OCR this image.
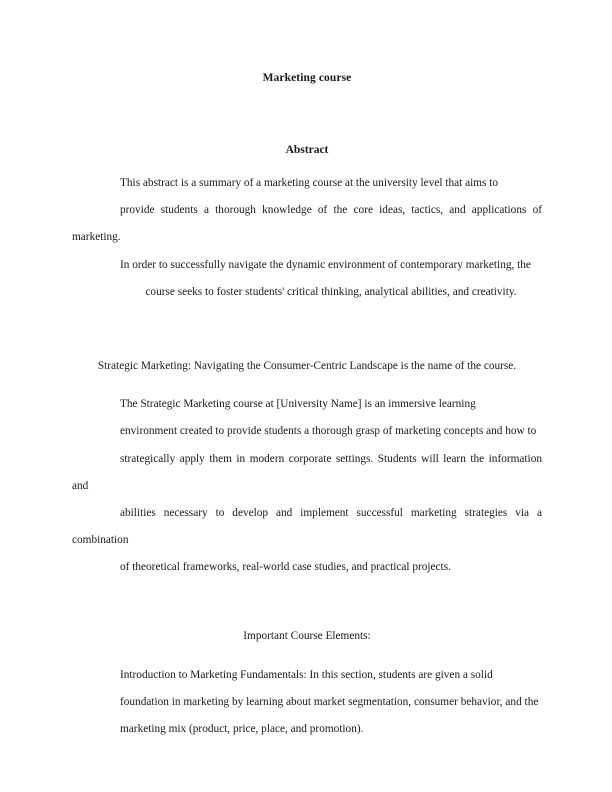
Marketing course
Abstract

This abstract is a summary of a marketing course at the university level that aims to
provide students a thorough knowledge of the core ideas, tactics, and applications of marketing.
In order to successfully navigate the dynamic environment of contemporary marketing, the
course seeks to foster students' critical thinking, analytical abilities, and creativity.

Strategic Marketing: Navigating the Consumer-Centric Landscape is the name of the course.

The Strategic Marketing course at [University Name] is an immersive learning
environment created to provide students a thorough grasp of marketing concepts and how to
strategically apply them in modern corporate settings. Students will learn the information and
abilities necessary to develop and implement successful marketing strategies via a combination
of theoretical frameworks, real-world case studies, and practical projects.

Important Course Elements:

Introduction to Marketing Fundamentals: In this section, students are given a solid
foundation in marketing by learning about market segmentation, consumer behavior, and the
marketing mix (product, price, place, and promotion).
